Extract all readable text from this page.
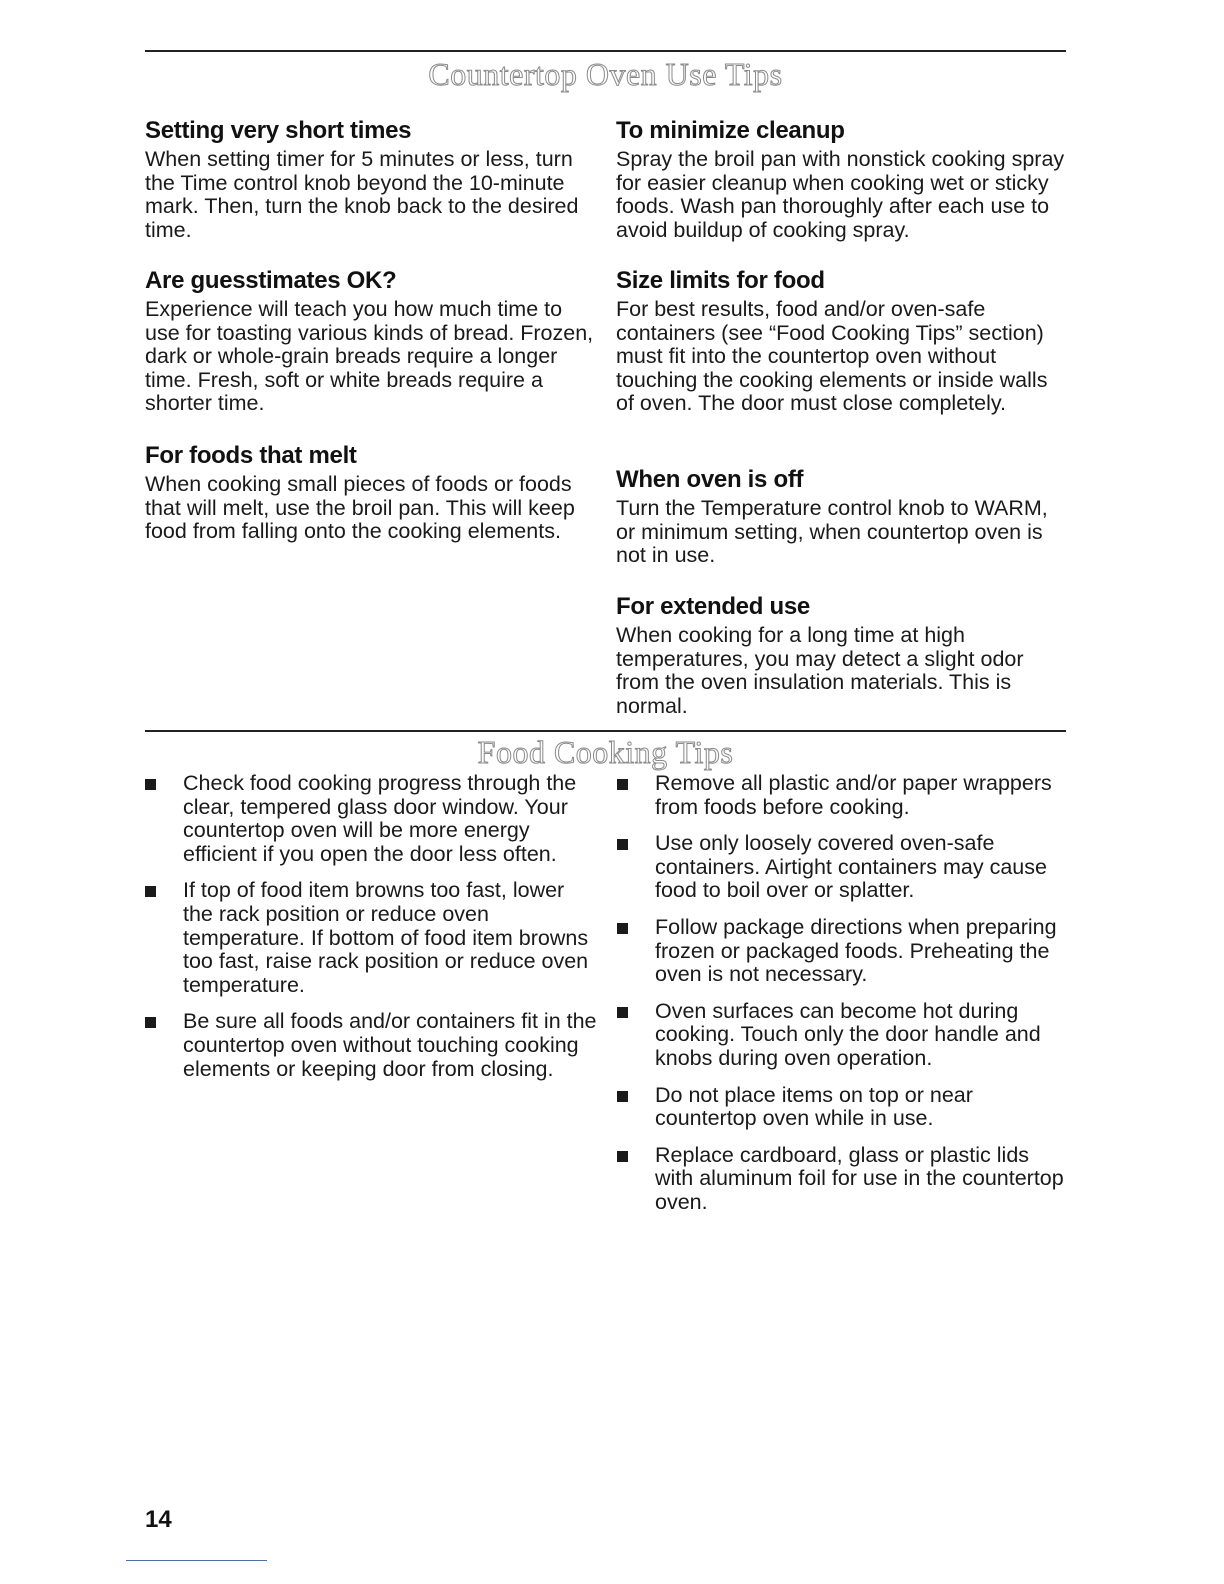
Countertop Oven Use Tips
Setting very short times

When setting timer for 5 minutes or less, turn the Time control knob beyond the 10-minute mark. Then, turn the knob back to the desired time.

Are guesstimates OK?

Experience will teach you how much time to use for toasting various kinds of bread. Frozen, dark or whole-grain breads require a longer time. Fresh, soft or white breads require a shorter time.

For foods that melt

When cooking small pieces of foods or foods that will melt, use the broil pan. This will keep food from falling onto the cooking elements.

To minimize cleanup

Spray the broil pan with nonstick cooking spray for easier cleanup when cooking wet or sticky foods. Wash pan thoroughly after each use to avoid buildup of cooking spray.

Size limits for food

For best results, food and/or oven-safe containers (see “Food Cooking Tips” section) must fit into the countertop oven without touching the cooking elements or inside walls of oven. The door must close completely.

When oven is off

Turn the Temperature control knob to WARM, or minimum setting, when countertop oven is not in use.

For extended use

When cooking for a long time at high temperatures, you may detect a slight odor from the oven insulation materials. This is normal.

Food Cooking Tips
Check food cooking progress through the clear, tempered glass door window. Your countertop oven will be more energy efficient if you open the door less often.
If top of food item browns too fast, lower the rack position or reduce oven temperature. If bottom of food item browns too fast, raise rack position or reduce oven temperature.
Be sure all foods and/or containers fit in the countertop oven without touching cooking elements or keeping door from closing.
Remove all plastic and/or paper wrappers from foods before cooking.
Use only loosely covered oven-safe containers. Airtight containers may cause food to boil over or splatter.
Follow package directions when preparing frozen or packaged foods. Preheating the oven is not necessary.
Oven surfaces can become hot during cooking. Touch only the door handle and knobs during oven operation.
Do not place items on top or near countertop oven while in use.
Replace cardboard, glass or plastic lids with aluminum foil for use in the countertop oven.
14
